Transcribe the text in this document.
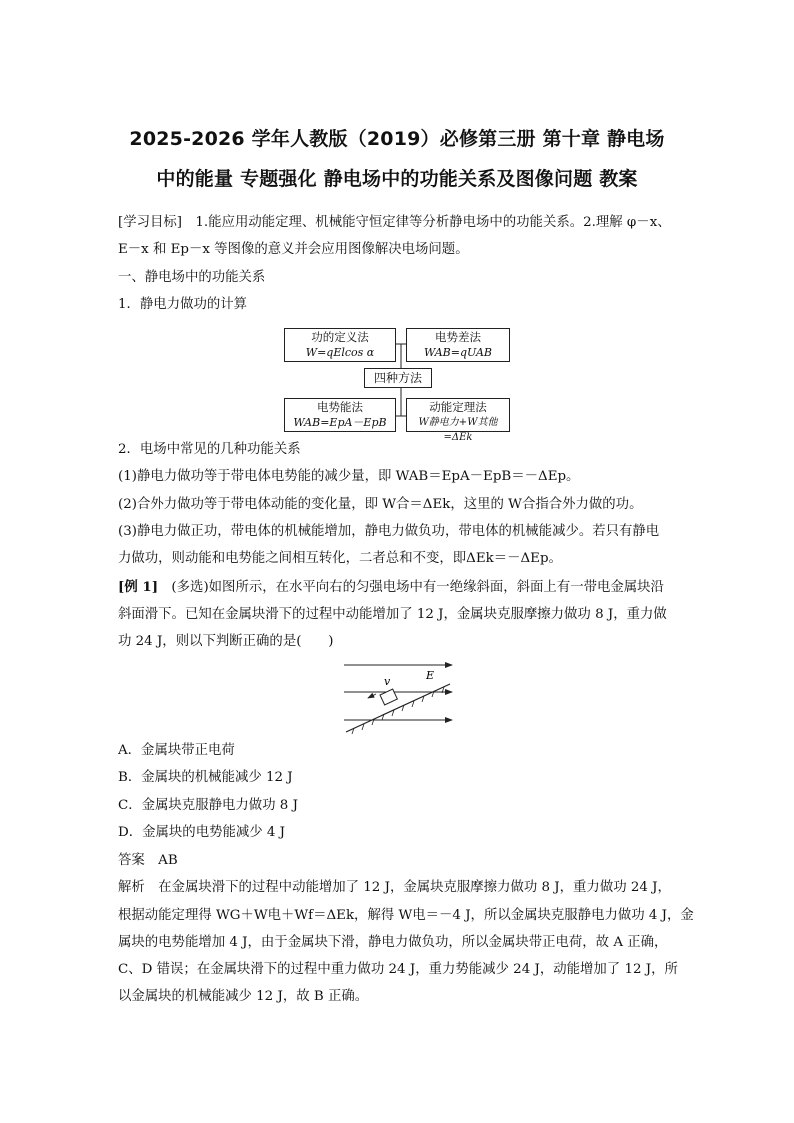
2025-2026 学年人教版（2019）必修第三册 第十章 静电场
中的能量 专题强化 静电场中的功能关系及图像问题 教案
[学习目标]　1.能应用动能定理、机械能守恒定律等分析静电场中的功能关系。2.理解 φ－x、
E－x 和 Ep－x 等图像的意义并会应用图像解决电场问题。
一、静电场中的功能关系
1．静电力做功的计算
功的定义法
W=qElcos α
电势差法
WAB=qUAB
四种方法
电势能法
WAB=EpA－EpB
动能定理法
W静电力+W其他=ΔEk
2．电场中常见的几种功能关系
(1)静电力做功等于带电体电势能的减少量，即 WAB＝EpA－EpB＝－ΔEp。
(2)合外力做功等于带电体动能的变化量，即 W合＝ΔEk，这里的 W合指合外力做的功。
(3)静电力做正功，带电体的机械能增加，静电力做负功，带电体的机械能减少。若只有静电
力做功，则动能和电势能之间相互转化，二者总和不变，即ΔEk＝－ΔEp。
[例 1]　(多选)如图所示，在水平向右的匀强电场中有一绝缘斜面，斜面上有一带电金属块沿
斜面滑下。已知在金属块滑下的过程中动能增加了 12 J，金属块克服摩擦力做功 8 J，重力做
功 24 J，则以下判断正确的是(　　)
v	E
A．金属块带正电荷
B．金属块的机械能减少 12 J
C．金属块克服静电力做功 8 J
D．金属块的电势能减少 4 J
答案　AB
解析　在金属块滑下的过程中动能增加了 12 J，金属块克服摩擦力做功 8 J，重力做功 24 J，
根据动能定理得 WG＋W电＋Wf＝ΔEk，解得 W电＝－4 J，所以金属块克服静电力做功 4 J，金
属块的电势能增加 4 J，由于金属块下滑，静电力做负功，所以金属块带正电荷，故 A 正确，
C、D 错误；在金属块滑下的过程中重力做功 24 J，重力势能减少 24 J，动能增加了 12 J，所
以金属块的机械能减少 12 J，故 B 正确。
